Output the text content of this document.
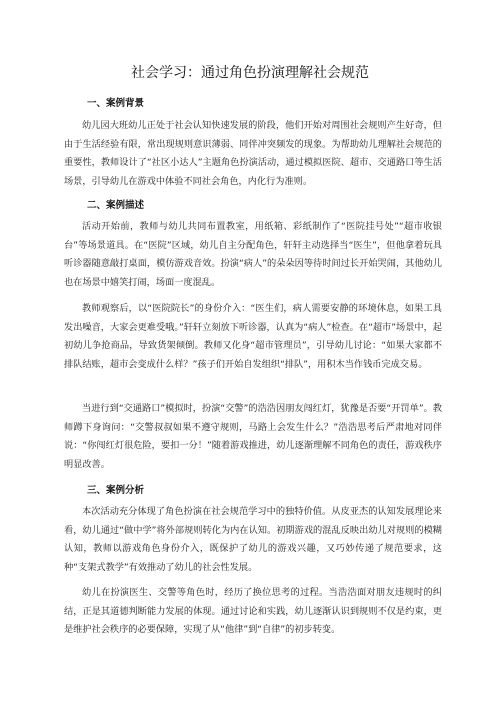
社会学习：通过角色扮演理解社会规范
一、案例背景
幼儿园大班幼儿正处于社会认知快速发展的阶段，他们开始对周围社会规则产生好奇，但由于生活经验有限，常出现规则意识薄弱、同伴冲突频发的现象。为帮助幼儿理解社会规范的重要性，教师设计了“社区小达人”主题角色扮演活动，通过模拟医院、超市、交通路口等生活场景，引导幼儿在游戏中体验不同社会角色，内化行为准则。
二、案例描述
活动开始前，教师与幼儿共同布置教室，用纸箱、彩纸制作了“医院挂号处”“超市收银台”等场景道具。在“医院”区域，幼儿自主分配角色，轩轩主动选择当“医生”，但他拿着玩具听诊器随意敲打桌面，模仿游戏音效。扮演“病人”的朵朵因等待时间过长开始哭闹，其他幼儿也在场景中嬉笑打闹，场面一度混乱。
教师观察后，以“医院院长”的身份介入：“医生们，病人需要安静的环境休息，如果工具发出噪音，大家会更难受哦。”轩轩立刻放下听诊器，认真为“病人”检查。在“超市”场景中，起初幼儿争抢商品，导致货架倾倒。教师又化身“超市管理员”，引导幼儿讨论：“如果大家都不排队结账，超市会变成什么样？”孩子们开始自发组织“排队”，用积木当作钱币完成交易。
当进行到“交通路口”模拟时，扮演“交警”的浩浩因朋友闯红灯，犹豫是否要“开罚单”。教师蹲下身询问：“交警叔叔如果不遵守规则，马路上会发生什么？”浩浩思考后严肃地对同伴说：“你闯红灯很危险，要扣一分！”随着游戏推进，幼儿逐渐理解不同角色的责任，游戏秩序明显改善。
三、案例分析
本次活动充分体现了角色扮演在社会规范学习中的独特价值。从皮亚杰的认知发展理论来看，幼儿通过“做中学”将外部规则转化为内在认知。初期游戏的混乱反映出幼儿对规则的模糊认知，教师以游戏角色身份介入，既保护了幼儿的游戏兴趣，又巧妙传递了规范要求，这种“支架式教学”有效推动了幼儿的社会性发展。
幼儿在扮演医生、交警等角色时，经历了换位思考的过程。当浩浩面对朋友违规时的纠结，正是其道德判断能力发展的体现。通过讨论和实践，幼儿逐渐认识到规则不仅是约束，更是维护社会秩序的必要保障，实现了从“他律”到“自律”的初步转变。
